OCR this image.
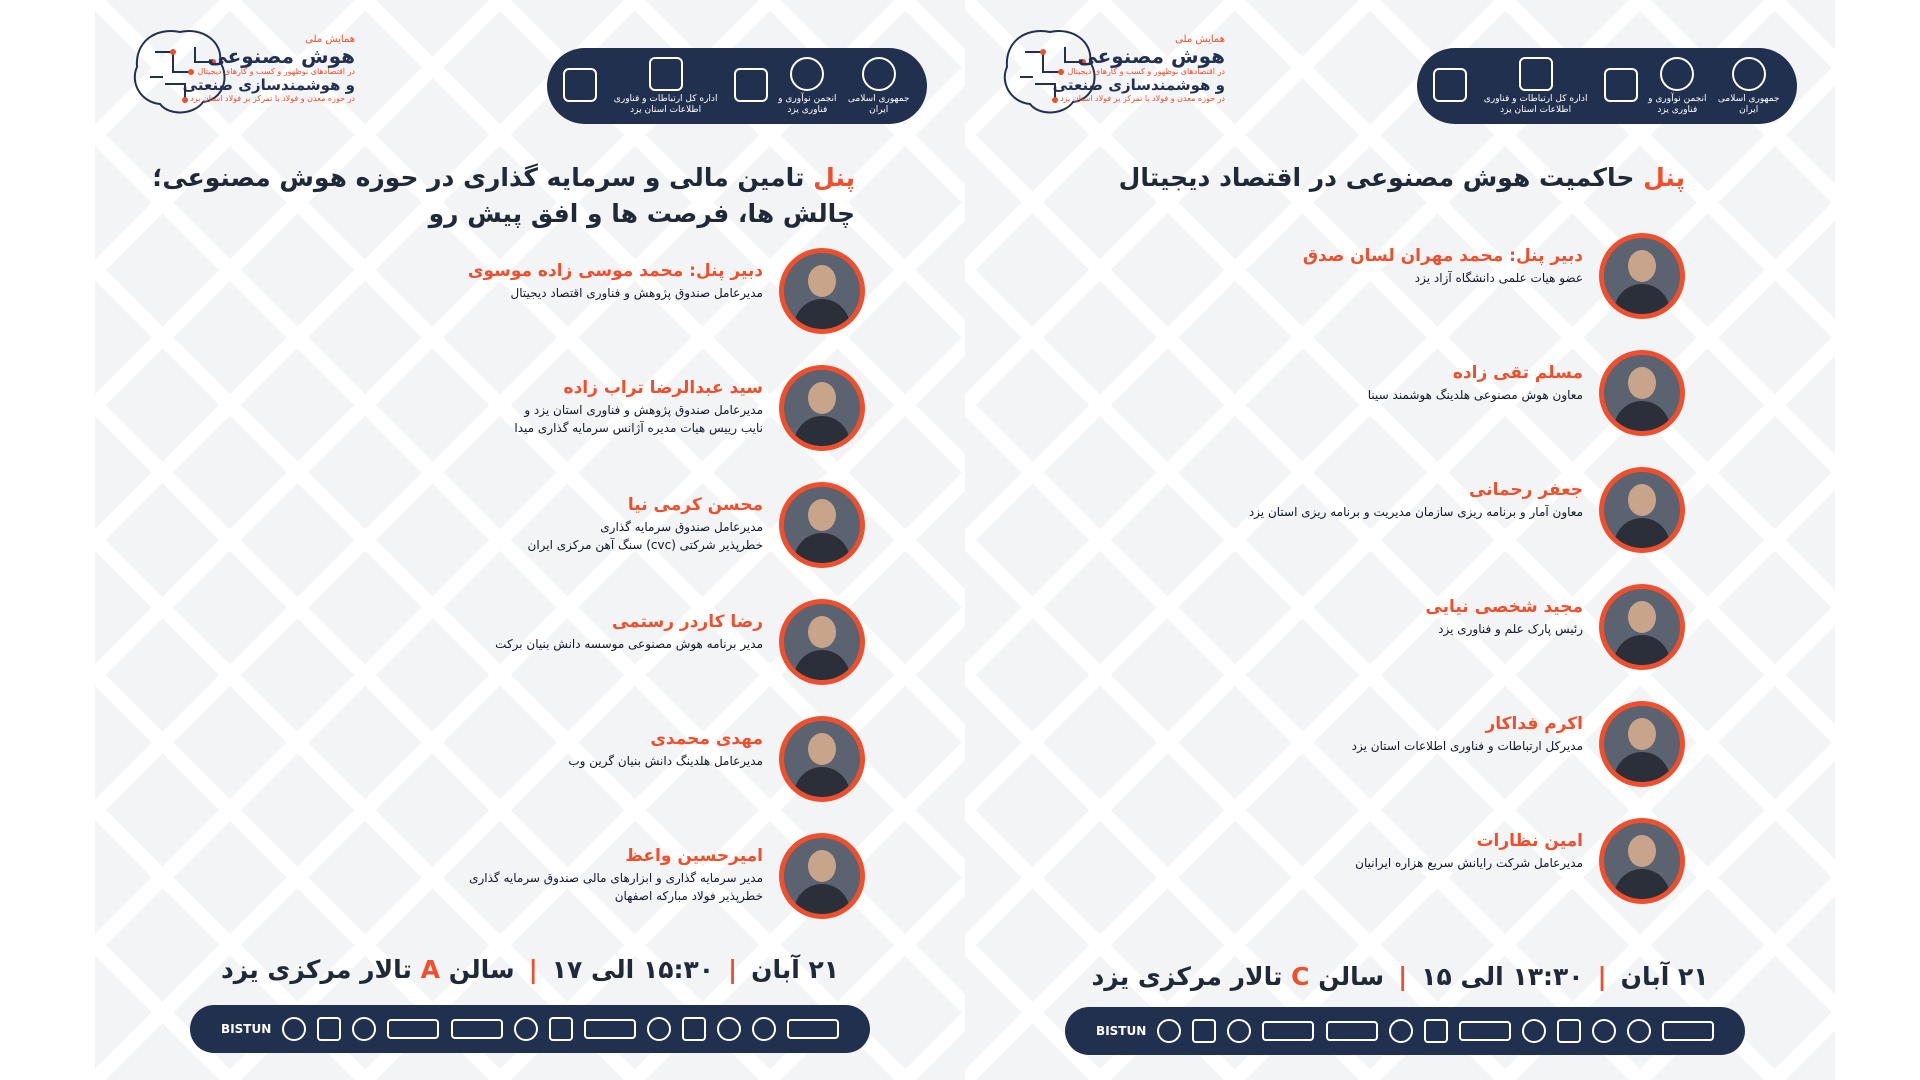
همایش ملی
هوش مصنوعی
در اقتصادهای نوظهور و کسب و کارهای دیجیتال
و هوشمندسازی صنعتی
در حوزه معدن و فولاد با تمرکز بر فولاد استان یزد	اداره کل ارتباطات و فناوری اطلاعات استان یزد
انجمن نوآوری و فناوری یزد
جمهوری اسلامی ایران
پنل تامین مالی و سرمایه گذاری در حوزه هوش مصنوعی؛
چالش ها، فرصت ها و افق پیش رو
دبیر پنل: محمد موسی زاده موسوی
مدیرعامل صندوق پژوهش و فناوری اقتصاد دیجیتال
سید عبدالرضا تراب زاده
مدیرعامل صندوق پژوهش و فناوری استان یزد و
نایب رییس هیات مدیره آژانس سرمایه گذاری میدا
محسن کرمی نیا
مدیرعامل صندوق سرمایه گذاری
خطرپذیر شرکتی (cvc) سنگ آهن مرکزی ایران
رضا کاردر رستمی
مدیر برنامه هوش مصنوعی موسسه دانش بنیان برکت
مهدی محمدی
مدیرعامل هلدینگ دانش بنیان گرین وب
امیرحسین واعظ
مدیر سرمایه گذاری و ابزارهای مالی صندوق سرمایه گذاری
خطرپذیر فولاد مبارکه اصفهان
۲۱ آبان|۱۵:۳۰ الی ۱۷|سالن A تالار مرکزی یزد
BISTUN
همایش ملی
هوش مصنوعی
در اقتصادهای نوظهور و کسب و کارهای دیجیتال
و هوشمندسازی صنعتی
در حوزه معدن و فولاد با تمرکز بر فولاد استان یزد	اداره کل ارتباطات و فناوری اطلاعات استان یزد
انجمن نوآوری و فناوری یزد
جمهوری اسلامی ایران
پنل حاکمیت هوش مصنوعی در اقتصاد دیجیتال
دبیر پنل: محمد مهران لسان صدق
عضو هیات علمی دانشگاه آزاد یزد
مسلم تقی زاده
معاون هوش مصنوعی هلدینگ هوشمند سینا
جعفر رحمانی
معاون آمار و برنامه ریزی سازمان مدیریت و برنامه ریزی استان یزد
مجید شخصی نیایی
رئیس پارک علم و فناوری یزد
اکرم فداکار
مدیرکل ارتباطات و فناوری اطلاعات استان یزد
امین نظارات
مدیرعامل شرکت رایانش سریع هزاره ایرانیان
۲۱ آبان|۱۳:۳۰ الی ۱۵|سالن C تالار مرکزی یزد
BISTUN
